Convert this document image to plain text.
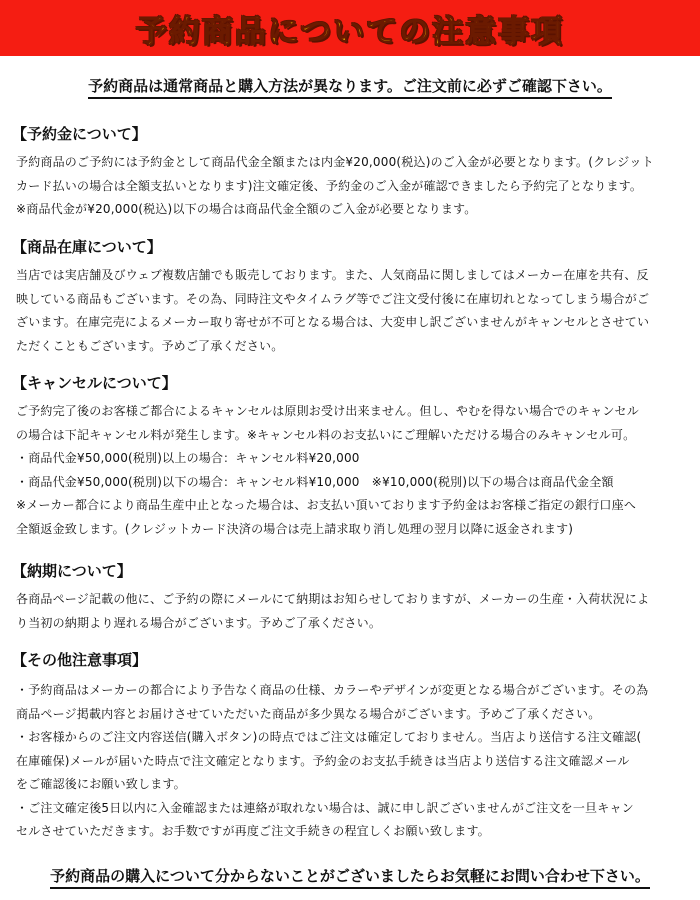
予約商品についての注意事項
予約商品は通常商品と購入方法が異なります。ご注文前に必ずご確認下さい。
【予約金について】

予約商品のご予約には予約金として商品代金全額または内金¥20,000(税込)のご入金が必要となります。(クレジット

カード払いの場合は全額支払いとなります)注文確定後、予約金のご入金が確認できましたら予約完了となります。

※商品代金が¥20,000(税込)以下の場合は商品代金全額のご入金が必要となります。

【商品在庫について】

当店では実店舗及びウェブ複数店舗でも販売しております。また、人気商品に関しましてはメーカー在庫を共有、反

映している商品もございます。その為、同時注文やタイムラグ等でご注文受付後に在庫切れとなってしまう場合がご

ざいます。在庫完売によるメーカー取り寄せが不可となる場合は、大変申し訳ございませんがキャンセルとさせてい

ただくこともございます。予めご了承ください。

【キャンセルについて】

ご予約完了後のお客様ご都合によるキャンセルは原則お受け出来ません。但し、やむを得ない場合でのキャンセル

の場合は下記キャンセル料が発生します。※キャンセル料のお支払いにご理解いただける場合のみキャンセル可。

・商品代金¥50,000(税別)以上の場合：キャンセル料¥20,000

・商品代金¥50,000(税別)以下の場合：キャンセル料¥10,000　※¥10,000(税別)以下の場合は商品代金全額

※メーカー都合により商品生産中止となった場合は、お支払い頂いております予約金はお客様ご指定の銀行口座へ

全額返金致します。(クレジットカード決済の場合は売上請求取り消し処理の翌月以降に返金されます)

【納期について】

各商品ページ記載の他に、ご予約の際にメールにて納期はお知らせしておりますが、メーカーの生産・入荷状況によ

り当初の納期より遅れる場合がございます。予めご了承ください。

【その他注意事項】

・予約商品はメーカーの都合により予告なく商品の仕様、カラーやデザインが変更となる場合がございます。その為

商品ページ掲載内容とお届けさせていただいた商品が多少異なる場合がございます。予めご了承ください。

・お客様からのご注文内容送信(購入ボタン)の時点ではご注文は確定しておりません。当店より送信する注文確認(

在庫確保)メールが届いた時点で注文確定となります。予約金のお支払手続きは当店より送信する注文確認メール

をご確認後にお願い致します。

・ご注文確定後5日以内に入金確認または連絡が取れない場合は、誠に申し訳ございませんがご注文を一旦キャン

セルさせていただきます。お手数ですが再度ご注文手続きの程宜しくお願い致します。

予約商品の購入について分からないことがございましたらお気軽にお問い合わせ下さい。
